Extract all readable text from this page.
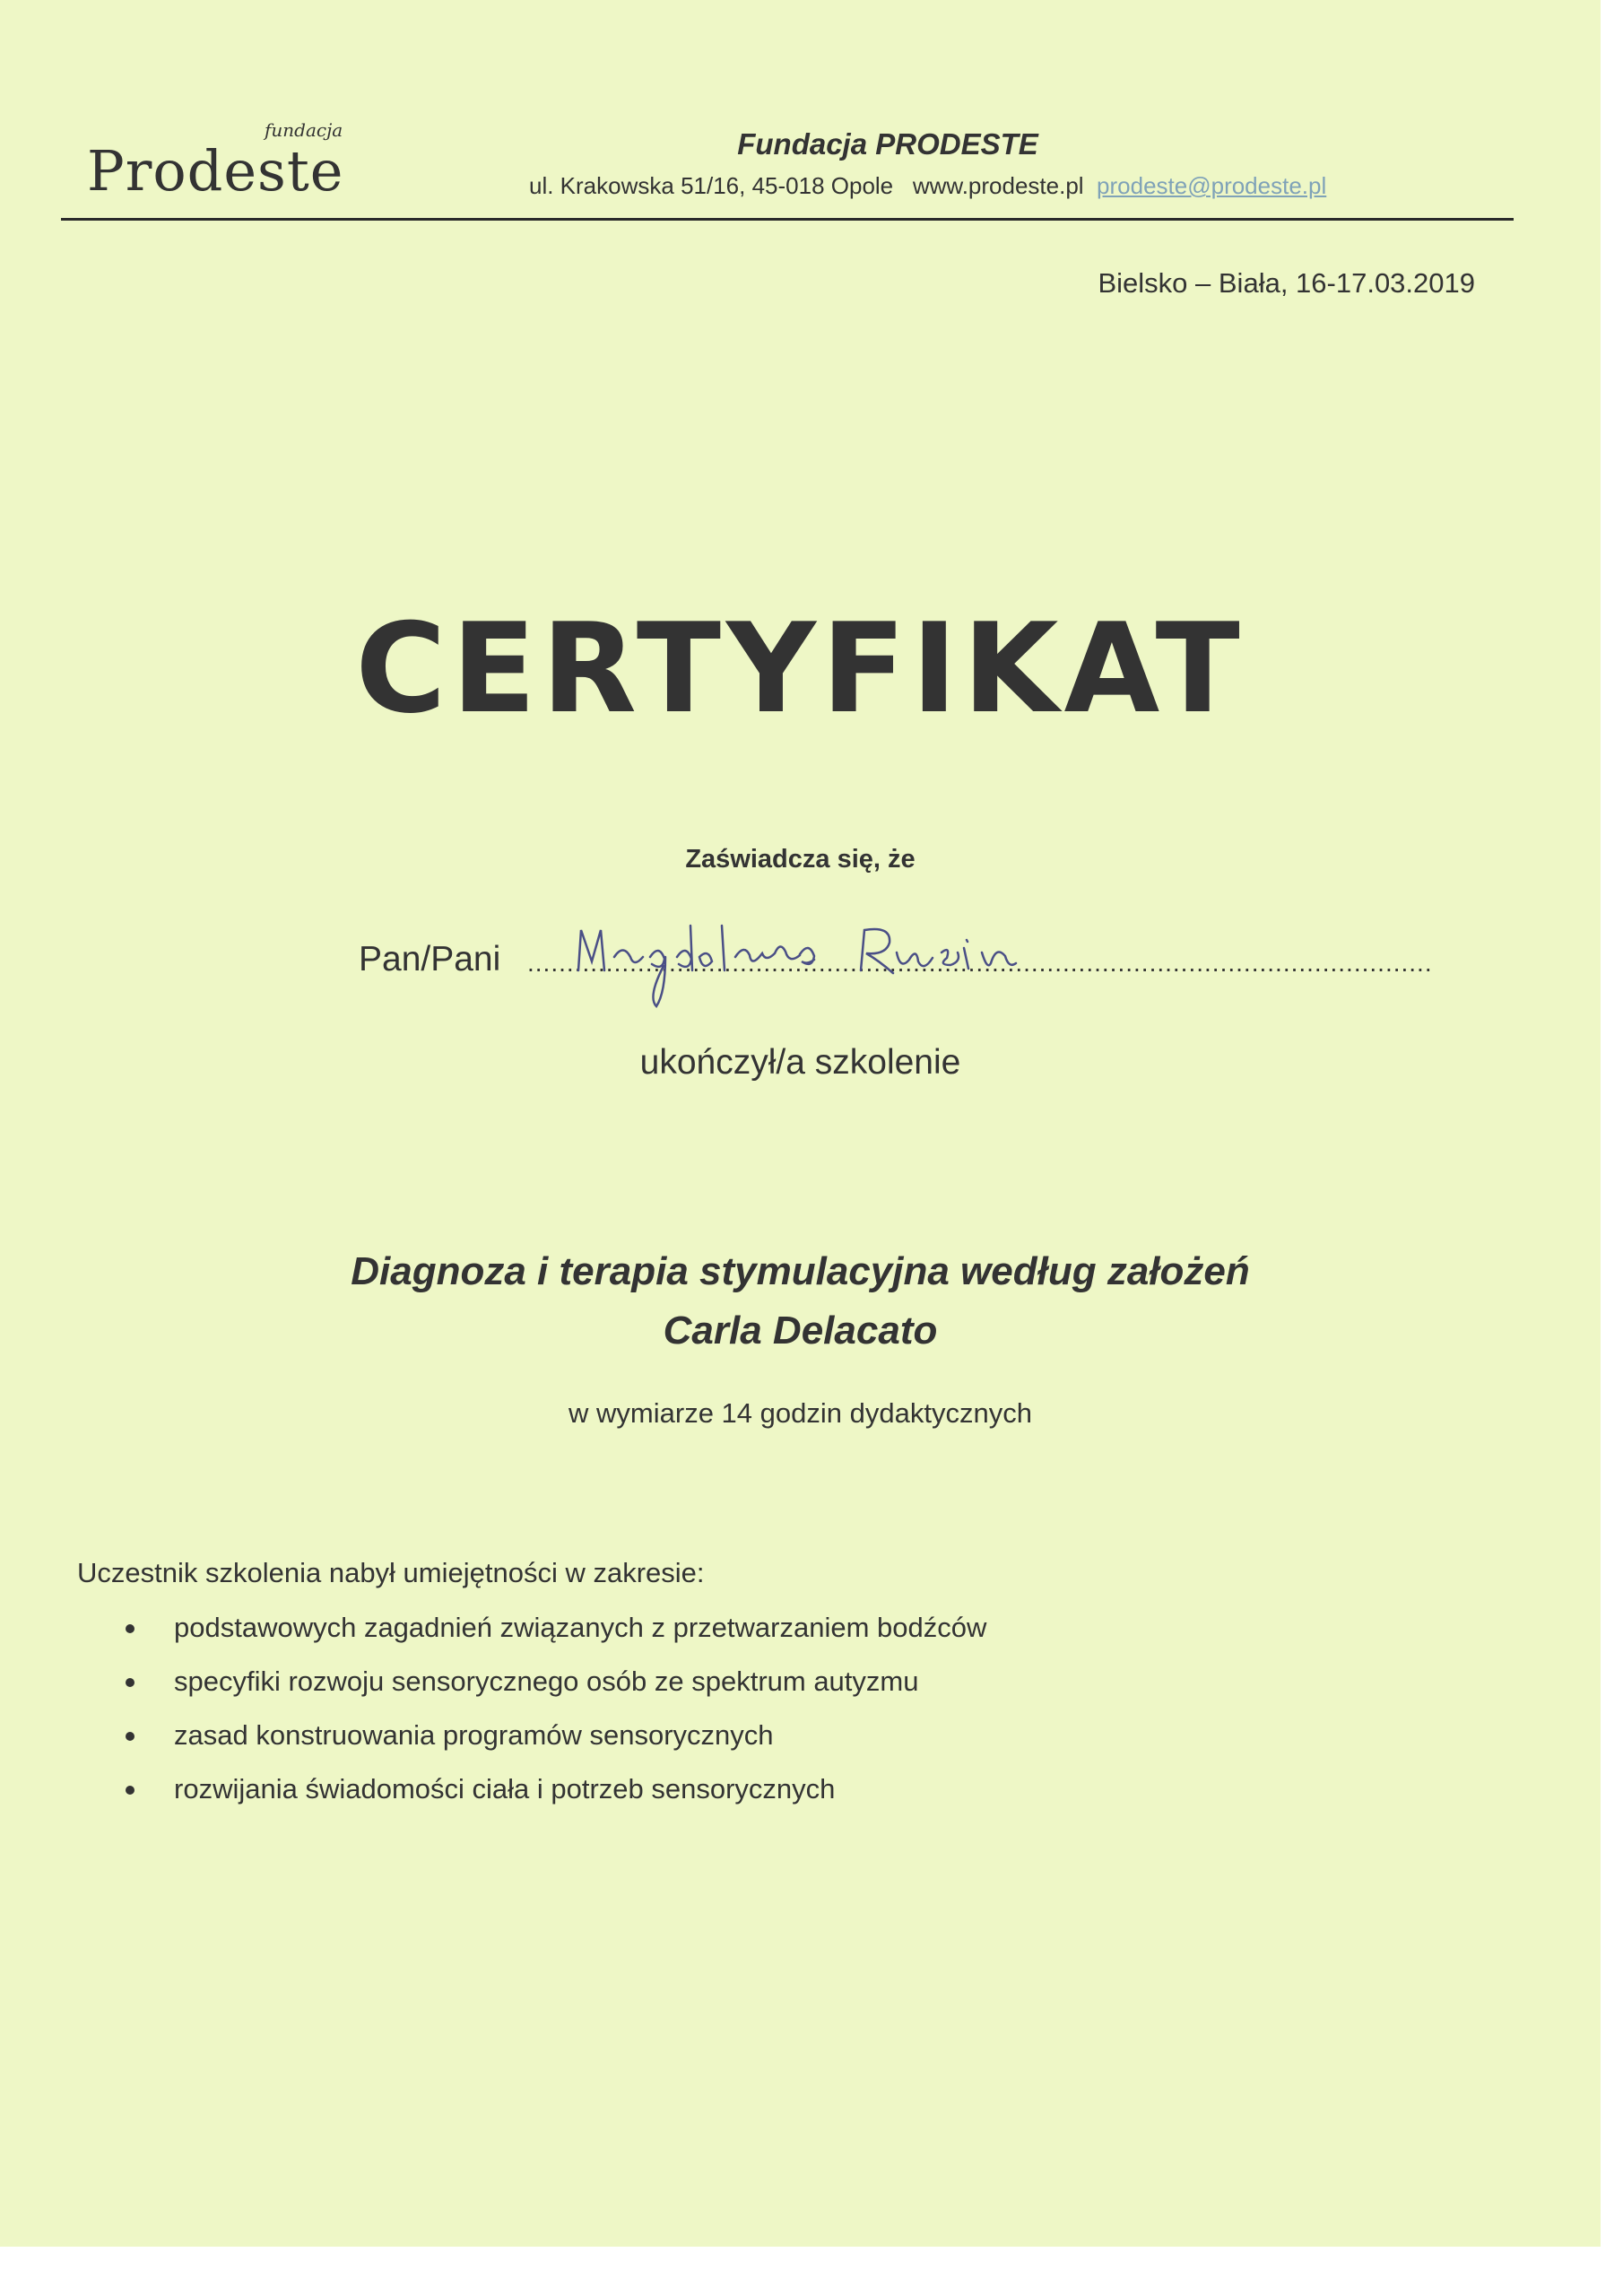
fundacja
Prodeste	Fundacja PRODESTE
ul. Krakowska 51/16, 45-018 Opole www.prodeste.pl prodeste@prodeste.pl
Bielsko – Biała, 16-17.03.2019
CERTYFIKAT
Zaświadcza się, że
Pan/Pani ...................................................................................................................
ukończył/a szkolenie
Diagnoza i terapia stymulacyjna według założeń
Carla Delacato
w wymiarze 14 godzin dydaktycznych
Uczestnik szkolenia nabył umiejętności w zakresie:
podstawowych zagadnień związanych z przetwarzaniem bodźców
specyfiki rozwoju sensorycznego osób ze spektrum autyzmu
zasad konstruowania programów sensorycznych
rozwijania świadomości ciała i potrzeb sensorycznych
